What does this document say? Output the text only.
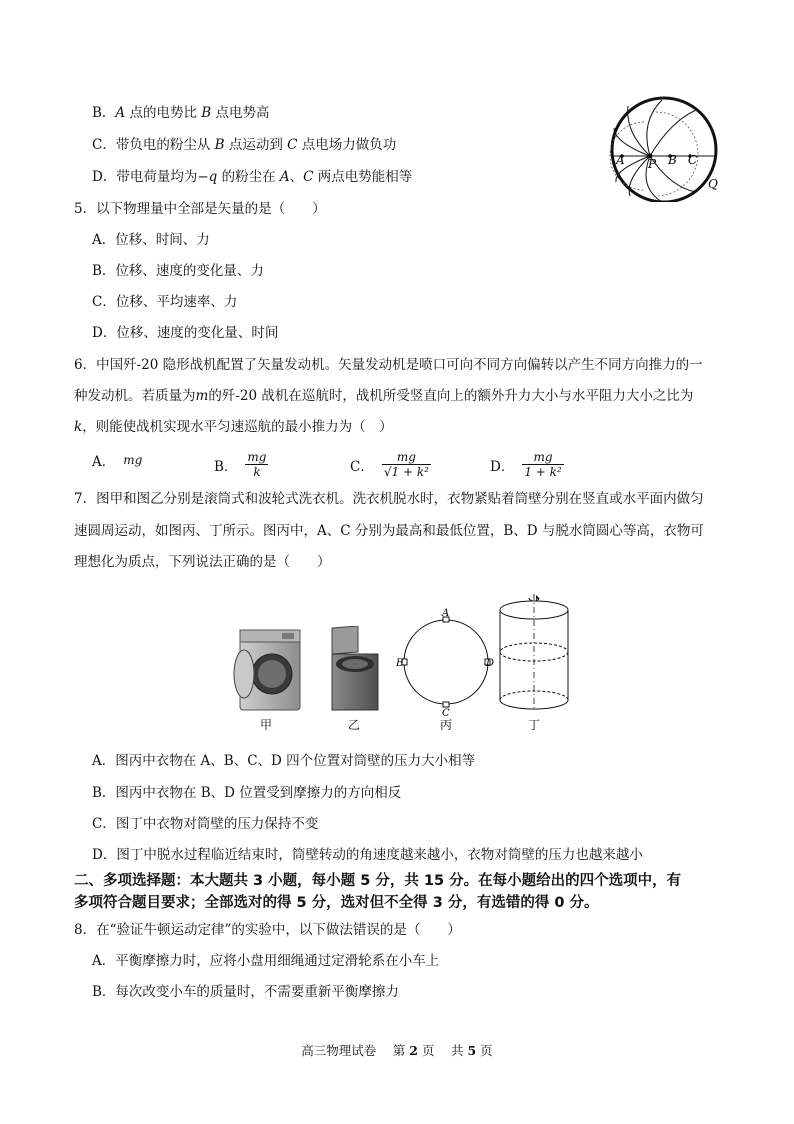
B．A 点的电势比 B 点电势高
C．带负电的粉尘从 B 点运动到 C 点电场力做负功
D．带电荷量均为−q 的粉尘在 A、C 两点电势能相等
A P B C
Q
5．以下物理量中全部是矢量的是（　　）
A．位移、时间、力
B．位移、速度的变化量、力
C．位移、平均速率、力
D．位移、速度的变化量、时间
6．中国歼-20 隐形战机配置了矢量发动机。矢量发动机是喷口可向不同方向偏转以产生不同方向推力的一
种发动机。若质量为m的歼-20 战机在巡航时，战机所受竖直向上的额外升力大小与水平阻力大小之比为
k，则能使战机实现水平匀速巡航的最小推力为（　）
A． mg	B． $\frac{mg}{k}$	C． $\frac{mg}{\text{√1 + k²}}$	D． $\frac{mg}{\text{1 + k²}}$
7．图甲和图乙分别是滚筒式和波轮式洗衣机。洗衣机脱水时，衣物紧贴着筒壁分别在竖直或水平面内做匀
速圆周运动，如图丙、丁所示。图丙中，A、C 分别为最高和最低位置，B、D 与脱水筒圆心等高，衣物可
理想化为质点，下列说法正确的是（　　）
A
B
C
D
甲	乙	丙	丁
A．图丙中衣物在 A、B、C、D 四个位置对筒壁的压力大小相等
B．图丙中衣物在 B、D 位置受到摩擦力的方向相反
C．图丁中衣物对筒壁的压力保持不变
D．图丁中脱水过程临近结束时，筒壁转动的角速度越来越小，衣物对筒壁的压力也越来越小
二、多项选择题：本大题共 3 小题，每小题 5 分，共 15 分。在每小题给出的四个选项中，有
多项符合题目要求；全部选对的得 5 分，选对但不全得 3 分，有选错的得 0 分。
8．在“验证牛顿运动定律”的实验中，以下做法错误的是（　　）
A．平衡摩擦力时，应将小盘用细绳通过定滑轮系在小车上
B．每次改变小车的质量时，不需要重新平衡摩擦力
高三物理试卷　 第 2 页　 共 5 页
